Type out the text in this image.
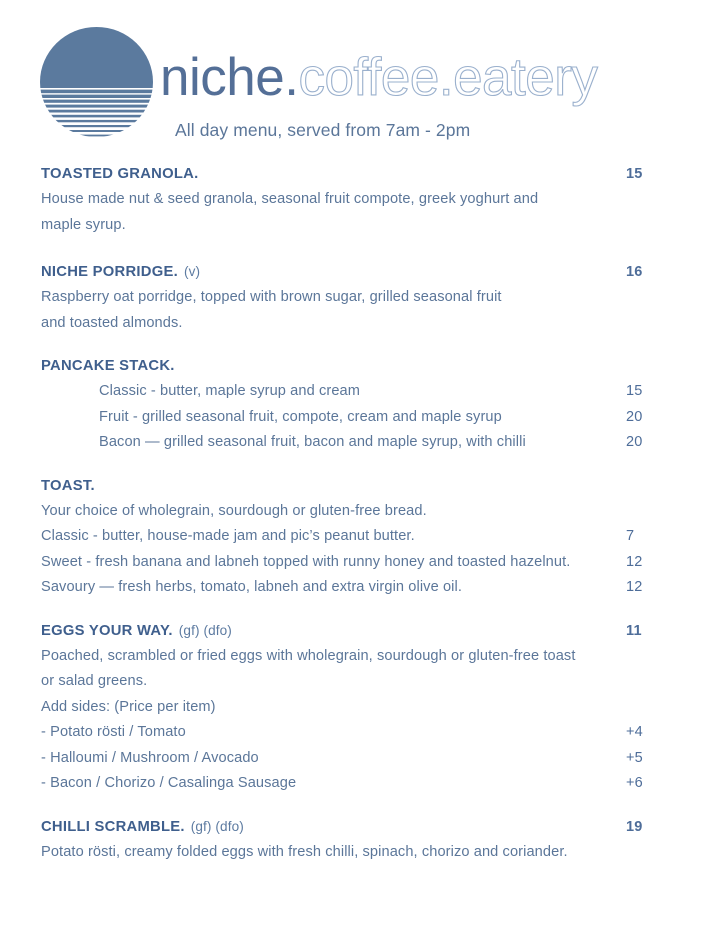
niche.coffee.eatery
All day menu, served from 7am - 2pm
TOASTED GRANOLA.	15
House made nut & seed granola, seasonal fruit compote, greek yoghurt and
maple syrup.
NICHE PORRIDGE. (v)	16
Raspberry oat porridge, topped with brown sugar, grilled seasonal fruit
and toasted almonds.
PANCAKE STACK.
Classic - butter, maple syrup and cream	15
Fruit - grilled seasonal fruit, compote, cream and maple syrup	20
Bacon — grilled seasonal fruit, bacon and maple syrup, with chilli	20
TOAST.
Your choice of wholegrain, sourdough or gluten-free bread.
Classic - butter, house-made jam and pic’s peanut butter.	7
Sweet - fresh banana and labneh topped with runny honey and toasted hazelnut.	12
Savoury — fresh herbs, tomato, labneh and extra virgin olive oil.	12
EGGS YOUR WAY. (gf) (dfo)	11
Poached, scrambled or fried eggs with wholegrain, sourdough or gluten-free toast
or salad greens.
Add sides: (Price per item)
- Potato rösti / Tomato	+4
- Halloumi / Mushroom / Avocado	+5
- Bacon / Chorizo / Casalinga Sausage	+6
CHILLI SCRAMBLE. (gf) (dfo)	19
Potato rösti, creamy folded eggs with fresh chilli, spinach, chorizo and coriander.
